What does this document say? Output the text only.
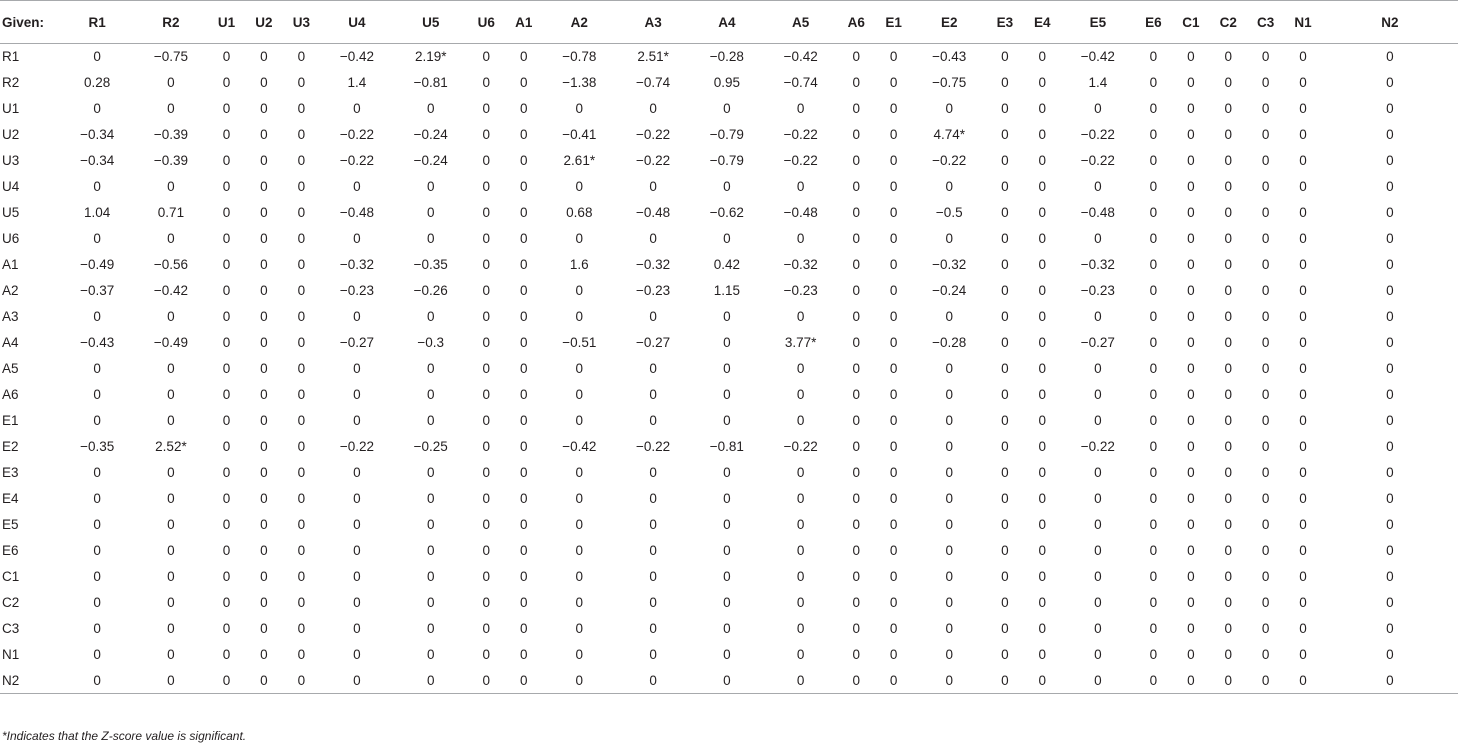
Given:	R1	R2	U1	U2	U3	U4	U5	U6	A1	A2	A3	A4	A5	A6	E1	E2	E3	E4	E5	E6	C1	C2	C3	N1	N2
R1	0	−0.75	0	0	0	−0.42	2.19*	0	0	−0.78	2.51*	−0.28	−0.42	0	0	−0.43	0	0	−0.42	0	0	0	0	0	0
R2	0.28	0	0	0	0	1.4	−0.81	0	0	−1.38	−0.74	0.95	−0.74	0	0	−0.75	0	0	1.4	0	0	0	0	0	0
U1	0	0	0	0	0	0	0	0	0	0	0	0	0	0	0	0	0	0	0	0	0	0	0	0	0
U2	−0.34	−0.39	0	0	0	−0.22	−0.24	0	0	−0.41	−0.22	−0.79	−0.22	0	0	4.74*	0	0	−0.22	0	0	0	0	0	0
U3	−0.34	−0.39	0	0	0	−0.22	−0.24	0	0	2.61*	−0.22	−0.79	−0.22	0	0	−0.22	0	0	−0.22	0	0	0	0	0	0
U4	0	0	0	0	0	0	0	0	0	0	0	0	0	0	0	0	0	0	0	0	0	0	0	0	0
U5	1.04	0.71	0	0	0	−0.48	0	0	0	0.68	−0.48	−0.62	−0.48	0	0	−0.5	0	0	−0.48	0	0	0	0	0	0
U6	0	0	0	0	0	0	0	0	0	0	0	0	0	0	0	0	0	0	0	0	0	0	0	0	0
A1	−0.49	−0.56	0	0	0	−0.32	−0.35	0	0	1.6	−0.32	0.42	−0.32	0	0	−0.32	0	0	−0.32	0	0	0	0	0	0
A2	−0.37	−0.42	0	0	0	−0.23	−0.26	0	0	0	−0.23	1.15	−0.23	0	0	−0.24	0	0	−0.23	0	0	0	0	0	0
A3	0	0	0	0	0	0	0	0	0	0	0	0	0	0	0	0	0	0	0	0	0	0	0	0	0
A4	−0.43	−0.49	0	0	0	−0.27	−0.3	0	0	−0.51	−0.27	0	3.77*	0	0	−0.28	0	0	−0.27	0	0	0	0	0	0
A5	0	0	0	0	0	0	0	0	0	0	0	0	0	0	0	0	0	0	0	0	0	0	0	0	0
A6	0	0	0	0	0	0	0	0	0	0	0	0	0	0	0	0	0	0	0	0	0	0	0	0	0
E1	0	0	0	0	0	0	0	0	0	0	0	0	0	0	0	0	0	0	0	0	0	0	0	0	0
E2	−0.35	2.52*	0	0	0	−0.22	−0.25	0	0	−0.42	−0.22	−0.81	−0.22	0	0	0	0	0	−0.22	0	0	0	0	0	0
E3	0	0	0	0	0	0	0	0	0	0	0	0	0	0	0	0	0	0	0	0	0	0	0	0	0
E4	0	0	0	0	0	0	0	0	0	0	0	0	0	0	0	0	0	0	0	0	0	0	0	0	0
E5	0	0	0	0	0	0	0	0	0	0	0	0	0	0	0	0	0	0	0	0	0	0	0	0	0
E6	0	0	0	0	0	0	0	0	0	0	0	0	0	0	0	0	0	0	0	0	0	0	0	0	0
C1	0	0	0	0	0	0	0	0	0	0	0	0	0	0	0	0	0	0	0	0	0	0	0	0	0
C2	0	0	0	0	0	0	0	0	0	0	0	0	0	0	0	0	0	0	0	0	0	0	0	0	0
C3	0	0	0	0	0	0	0	0	0	0	0	0	0	0	0	0	0	0	0	0	0	0	0	0	0
N1	0	0	0	0	0	0	0	0	0	0	0	0	0	0	0	0	0	0	0	0	0	0	0	0	0
N2	0	0	0	0	0	0	0	0	0	0	0	0	0	0	0	0	0	0	0	0	0	0	0	0	0
*Indicates that the Z-score value is significant.
